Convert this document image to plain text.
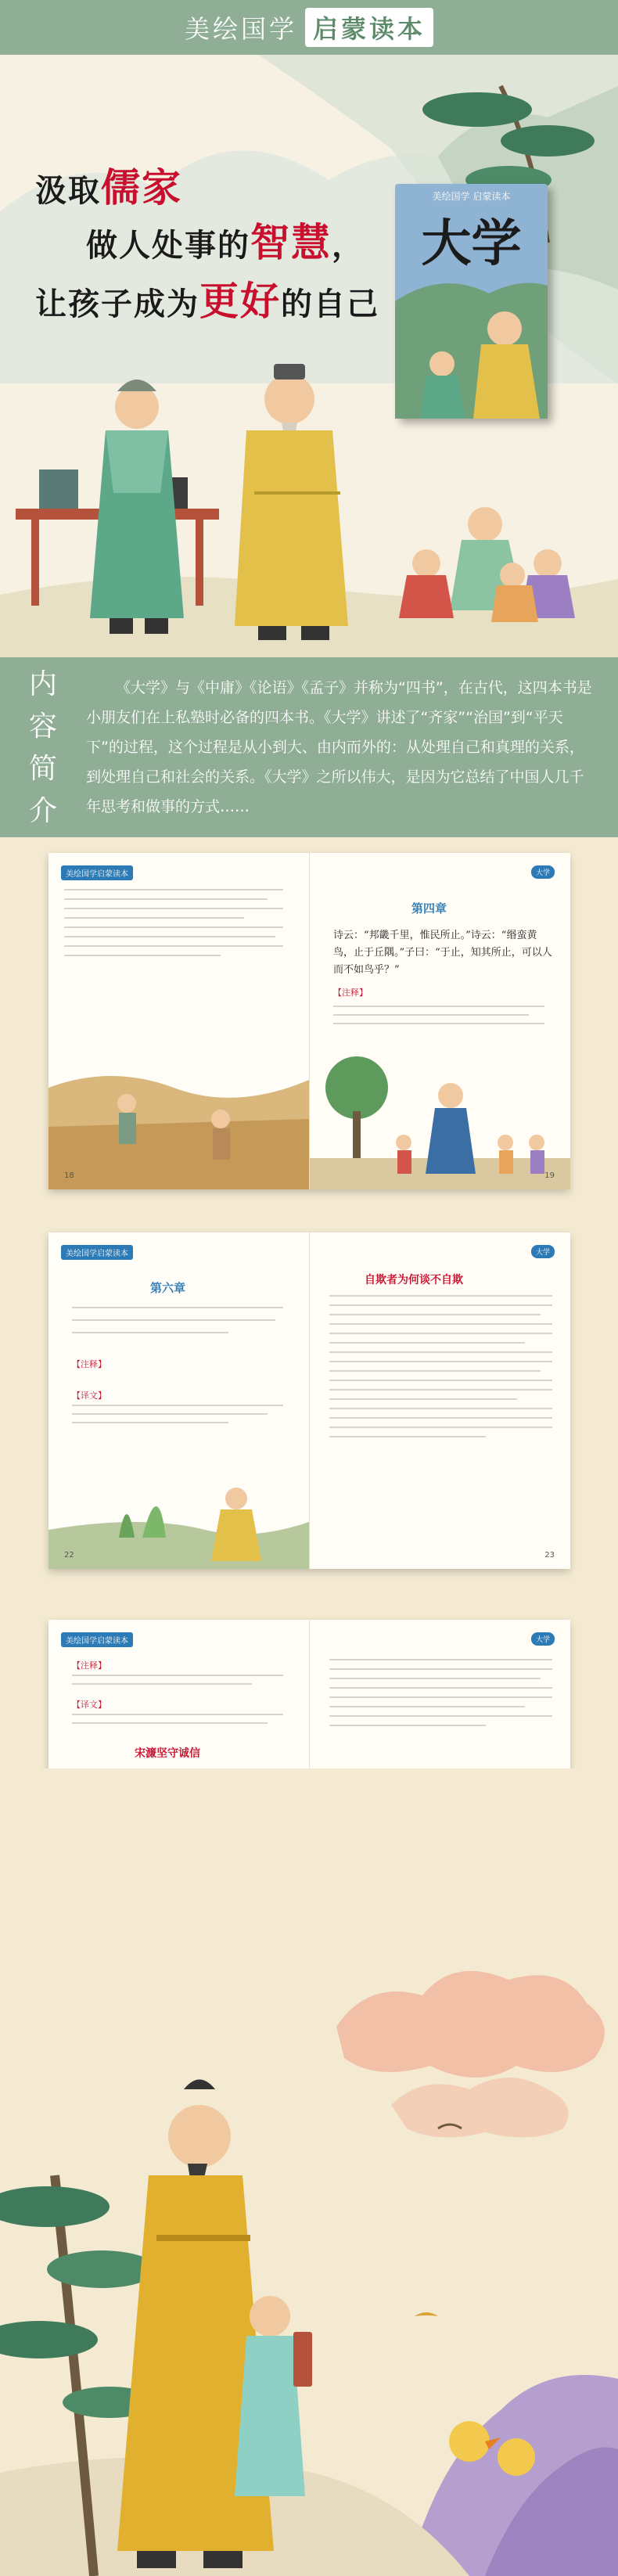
美绘国学 启蒙读本
汲取儒家
做人处事的智慧，
让孩子成为更好的自己
美绘国学 启蒙读本
大学
内
容
简
介
《大学》与《中庸》《论语》《孟子》并称为“四书”，在古代，这四本书是小朋友们在上私塾时必备的四本书。《大学》讲述了“齐家”“治国”到“平天下”的过程，这个过程是从小到大、由内而外的：从处理自己和真理的关系，到处理自己和社会的关系。《大学》之所以伟大，是因为它总结了中国人几千年思考和做事的方式……
美绘国学启蒙读本
18
大学
第四章
诗云：“邦畿千里，惟民所止。”诗云：“缗蛮黄鸟，止于丘隅。”子曰：“于止，知其所止，可以人而不如鸟乎？”
【注释】
19
美绘国学启蒙读本
第六章
【注释】
【译文】
22
大学
自欺者为何谈不自欺
23
美绘国学启蒙读本
【注释】
【译文】
宋濂坚守诚信
大学
